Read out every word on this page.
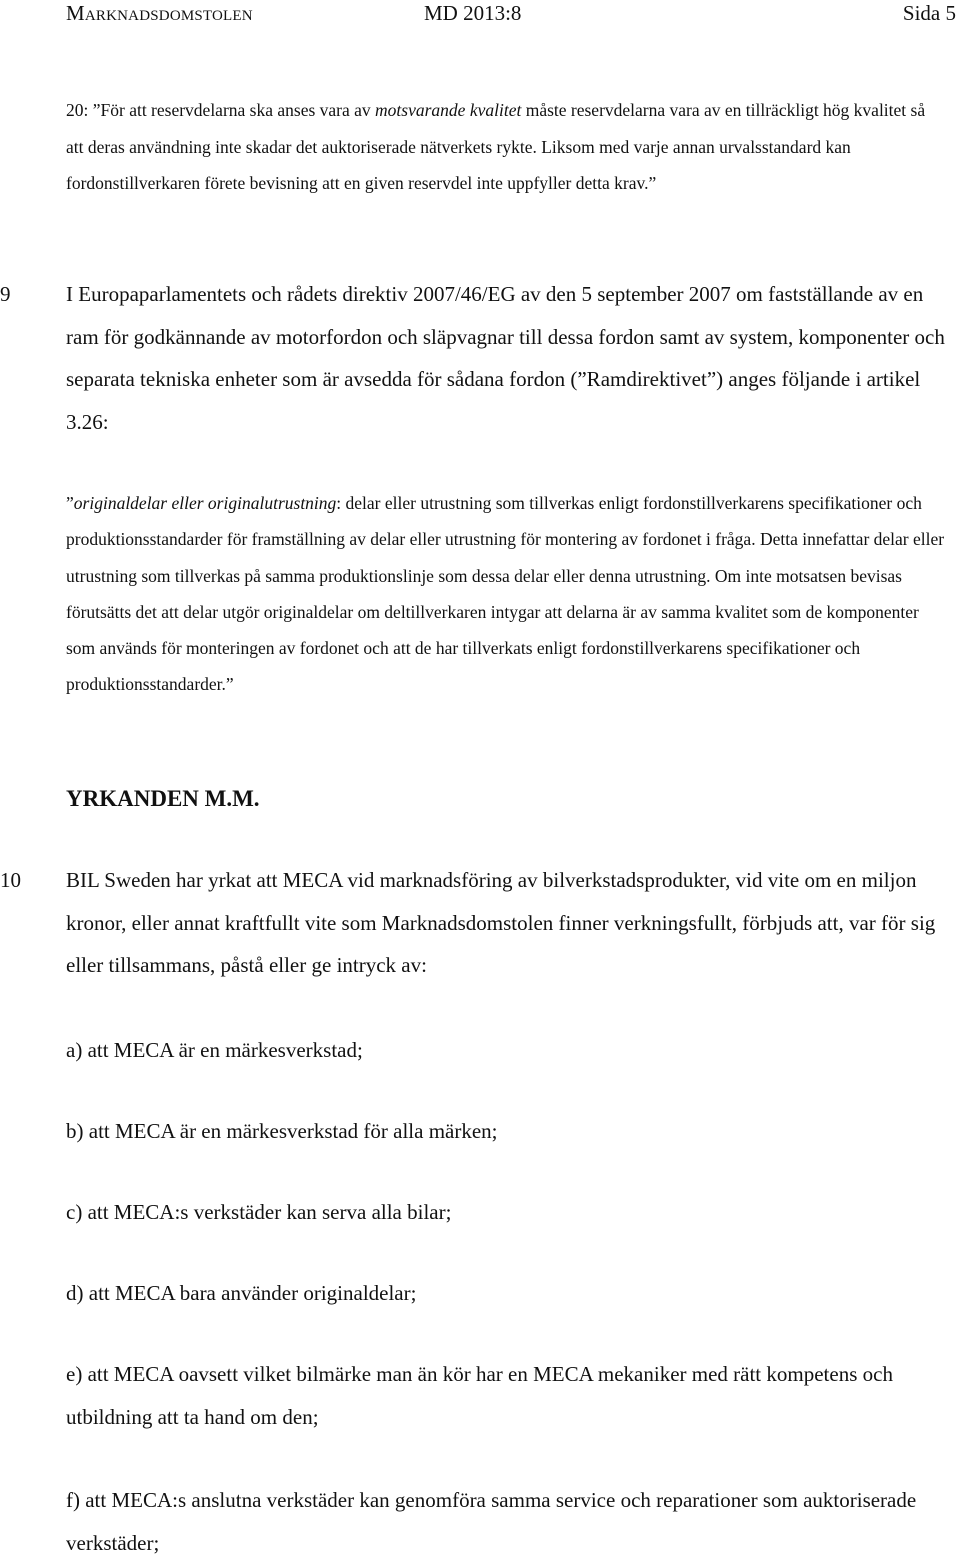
Marknadsdomstolen	MD 2013:8	Sida 5
20: ”För att reservdelarna ska anses vara av motsvarande kvalitet måste reservdelarna vara av en tillräckligt hög kvalitet så att deras användning inte skadar det auktoriserade nätverkets rykte. Liksom med varje annan urvalsstandard kan fordonstillverkaren förete bevisning att en given reservdel inte uppfyller detta krav.”
9	I Europaparlamentets och rådets direktiv 2007/46/EG av den 5 september 2007 om fastställande av en ram för godkännande av motorfordon och släpvagnar till dessa fordon samt av system, komponenter och separata tekniska enheter som är avsedda för sådana fordon (”Ramdirektivet”) anges följande i artikel 3.26:
”originaldelar eller originalutrustning: delar eller utrustning som tillverkas enligt fordonstillverkarens specifikationer och produktionsstandarder för framställning av delar eller utrustning för montering av fordonet i fråga. Detta innefattar delar eller utrustning som tillverkas på samma produktionslinje som dessa delar eller denna utrustning. Om inte motsatsen bevisas förutsätts det att delar utgör originaldelar om deltillverkaren intygar att delarna är av samma kvalitet som de komponenter som används för monteringen av fordonet och att de har tillverkats enligt fordonstillverkarens specifikationer och produktionsstandarder.”
YRKANDEN M.M.
10 BIL Sweden har yrkat att MECA vid marknadsföring av bilverkstadsprodukter, vid vite om en miljon kronor, eller annat kraftfullt vite som Marknadsdomstolen finner verkningsfullt, förbjuds att, var för sig eller tillsammans, påstå eller ge intryck av:
a) att MECA är en märkesverkstad;
b) att MECA är en märkesverkstad för alla märken;
c) att MECA:s verkstäder kan serva alla bilar;
d) att MECA bara använder originaldelar;
e) att MECA oavsett vilket bilmärke man än kör har en MECA mekaniker med rätt kompetens och utbildning att ta hand om den;
f) att MECA:s anslutna verkstäder kan genomföra samma service och reparationer som auktoriserade verkstäder;
